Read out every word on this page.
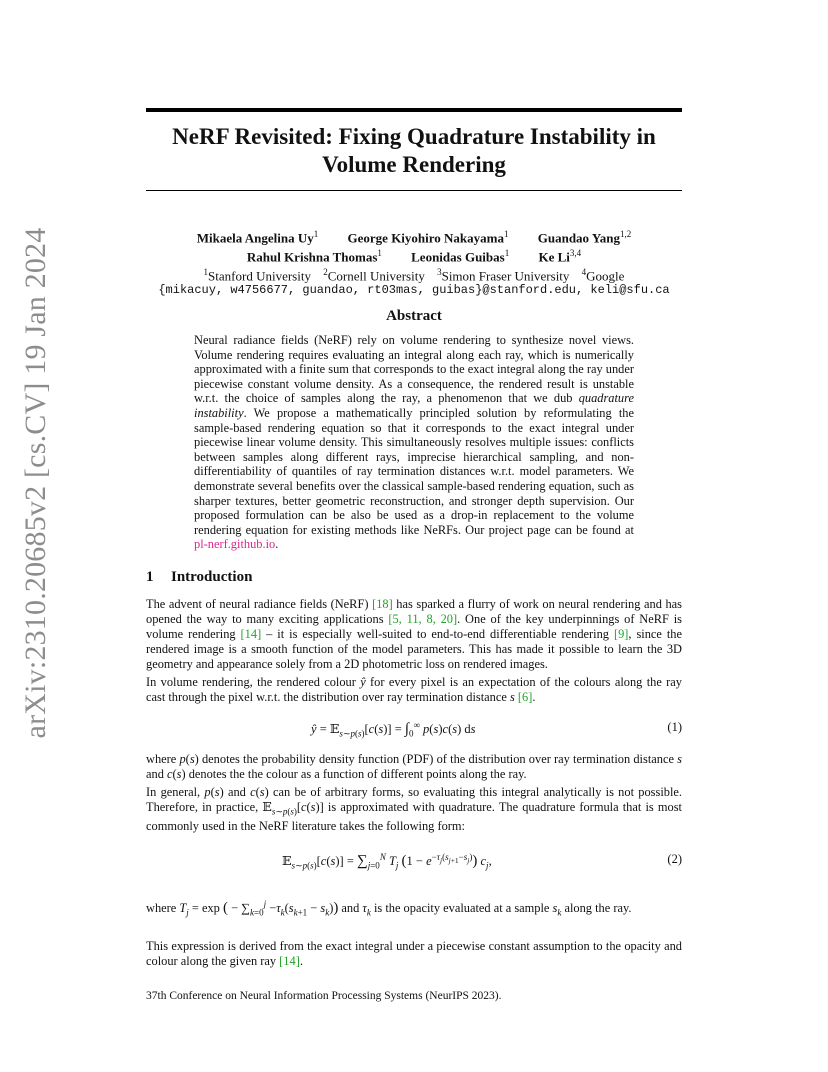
arXiv:2310.20685v2 [cs.CV] 19 Jan 2024
NeRF Revisited: Fixing Quadrature Instability in
Volume Rendering
Mikaela Angelina Uy$^1$ George Kiyohiro Nakayama$^1$ Guandao Yang$^{1,2}$
Rahul Krishna Thomas$^1$ Leonidas Guibas$^1$ Ke Li$^{3,4}$
$^1$Stanford University $^2$Cornell University $^3$Simon Fraser University $^4$Google
{mikacuy, w4756677, guandao, rt03mas, guibas}@stanford.edu, keli@sfu.ca
Abstract
Neural radiance fields (NeRF) rely on volume rendering to synthesize novel views. Volume rendering requires evaluating an integral along each ray, which is numerically approximated with a finite sum that corresponds to the exact integral along the ray under piecewise constant volume density. As a consequence, the rendered result is unstable w.r.t. the choice of samples along the ray, a phenomenon that we dub quadrature instability. We propose a mathematically principled solution by reformulating the sample-based rendering equation so that it corresponds to the exact integral under piecewise linear volume density. This simultaneously resolves multiple issues: conflicts between samples along different rays, imprecise hierarchical sampling, and non-differentiability of quantiles of ray termination distances w.r.t. model parameters. We demonstrate several benefits over the classical sample-based rendering equation, such as sharper textures, better geometric reconstruction, and stronger depth supervision. Our proposed formulation can be also be used as a drop-in replacement to the volume rendering equation for existing methods like NeRFs. Our project page can be found at pl-nerf.github.io.
1 Introduction
The advent of neural radiance fields (NeRF) [18] has sparked a flurry of work on neural rendering and has opened the way to many exciting applications [5, 11, 8, 20]. One of the key underpinnings of NeRF is volume rendering [14] – it is especially well-suited to end-to-end differentiable rendering [9], since the rendered image is a smooth function of the model parameters. This has made it possible to learn the 3D geometry and appearance solely from a 2D photometric loss on rendered images.
In volume rendering, the rendered colour ŷ for every pixel is an expectation of the colours along the ray cast through the pixel w.r.t. the distribution over ray termination distance s [6].
ŷ = 𝔼$_{s\sim p(s)}$[c(s)] = $\int_0^\infty$ p(s)c(s) ds	(1)
where p(s) denotes the probability density function (PDF) of the distribution over ray termination distance s and c(s) denotes the the colour as a function of different points along the ray.
In general, p(s) and c(s) can be of arbitrary forms, so evaluating this integral analytically is not possible. Therefore, in practice, 𝔼$_{s\sim p(s)}$[c(s)] is approximated with quadrature. The quadrature formula that is most commonly used in the NeRF literature takes the following form:
𝔼$_{s\sim p(s)}$[c(s)] = $\sum_{j=0}^N$ $T_j$ $(1 - e^{-\tau_j(s_{j+1}-s_j)})$ $c_j$,	(2)
where $T_j = \exp$ ( − $\sum_{k=0}^j -\tau_k(s_{k+1} - s_k)$) and $\tau_k$ is the opacity evaluated at a sample $s_k$ along the ray.
This expression is derived from the exact integral under a piecewise constant assumption to the opacity and colour along the given ray [14].
37th Conference on Neural Information Processing Systems (NeurIPS 2023).
